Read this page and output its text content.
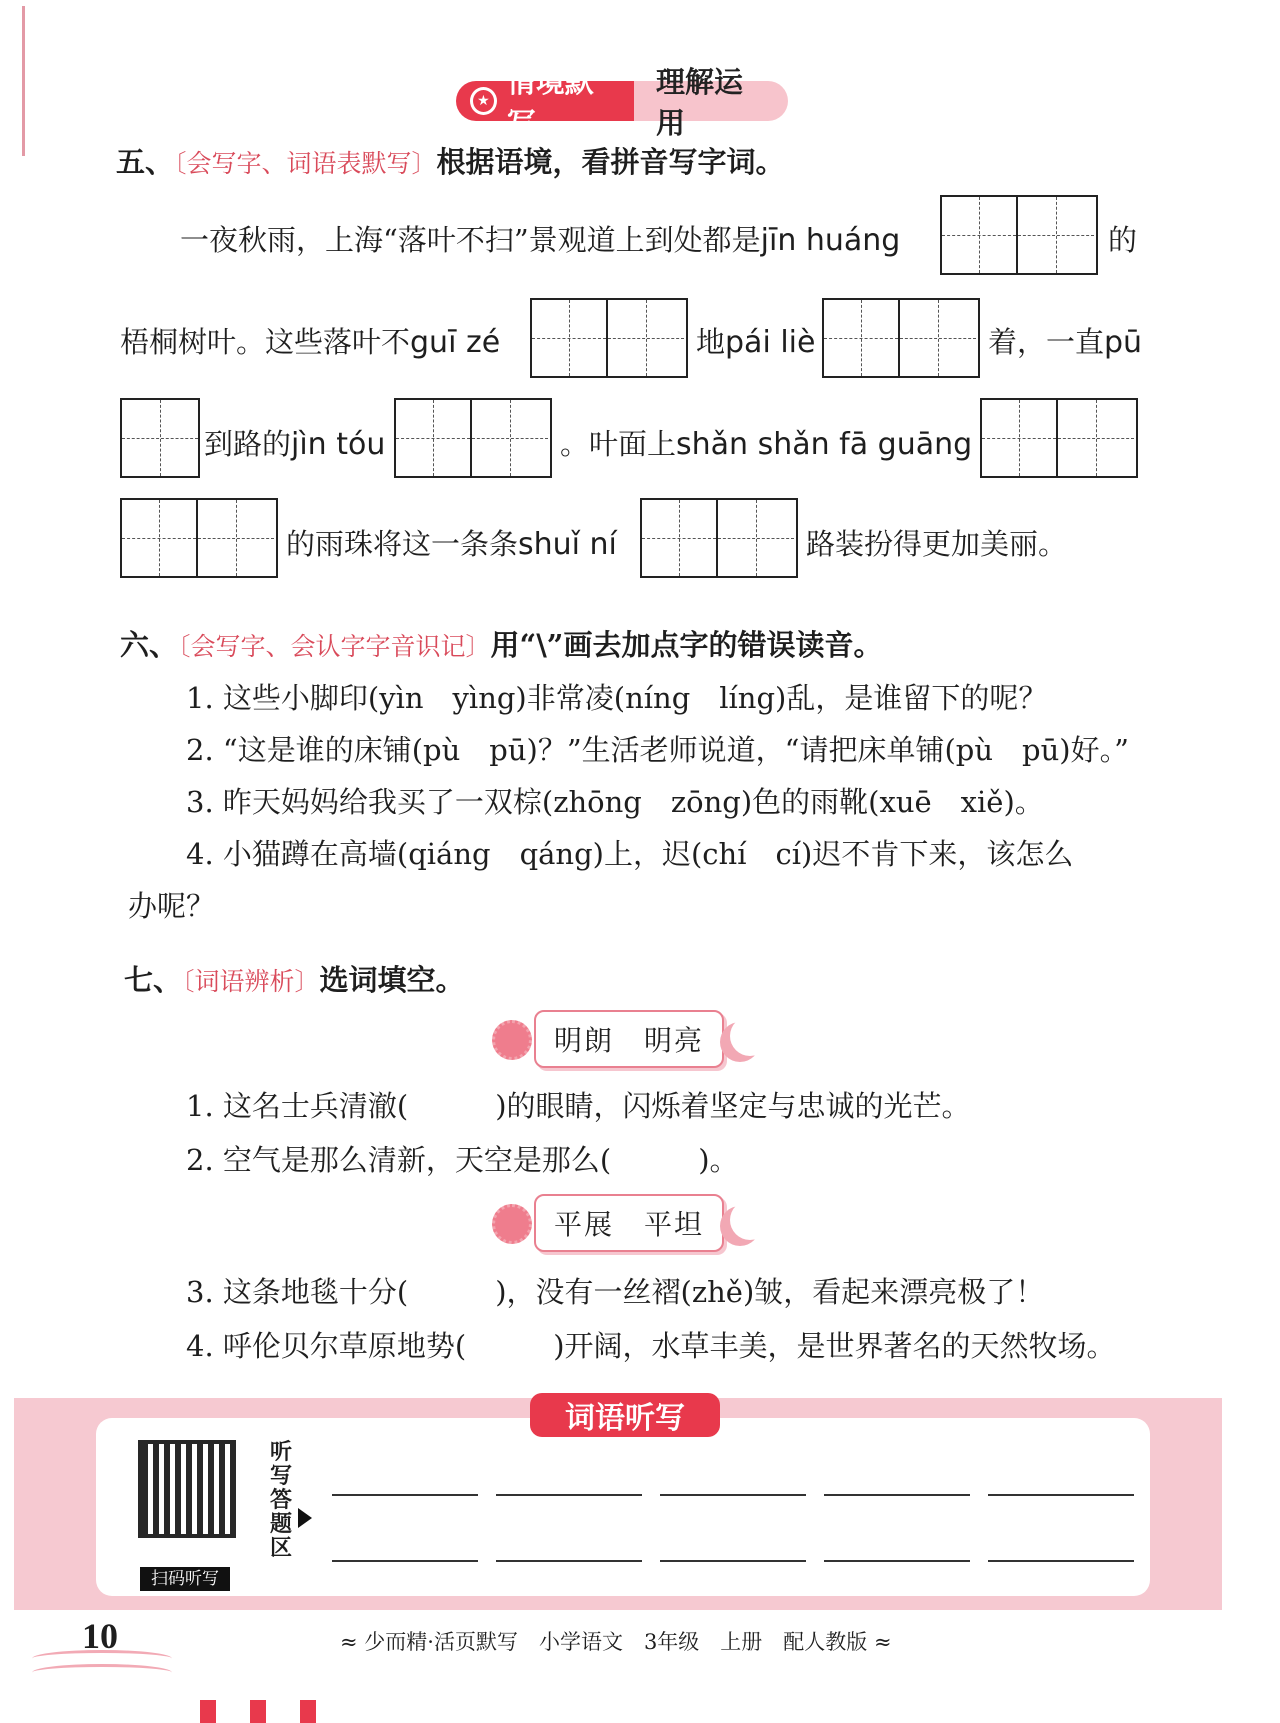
★
情境默写
理解运用
五、〔会写字、词语表默写〕根据语境，看拼音写字词。
一夜秋雨，上海“落叶不扫”景观道上到处都是jīn huáng	的
梧桐树叶。这些落叶不guī zé	地pái liè	着，一直pū
到路的jìn tóu	。叶面上shǎn shǎn fā guāng
的雨珠将这一条条shuǐ ní	路装扮得更加美丽。
六、〔会写字、会认字字音识记〕用“\”画去加点字的错误读音。
1. 这些小脚印(yìn　yìng)非常凌(níng　líng)乱，是谁留下的呢？
2. “这是谁的床铺(pù　pū)？”生活老师说道，“请把床单铺(pù　pū)好。”
3. 昨天妈妈给我买了一双棕(zhōng　zōng)色的雨靴(xuē　xiě)。
4. 小猫蹲在高墙(qiáng　qáng)上，迟(chí　cí)迟不肯下来，该怎么
办呢？
七、〔词语辨析〕选词填空。
明朗　明亮
1. 这名士兵清澈(　　　)的眼睛，闪烁着坚定与忠诚的光芒。
2. 空气是那么清新，天空是那么(　　　)。
平展　平坦
3. 这条地毯十分(　　　)，没有一丝褶(zhě)皱，看起来漂亮极了！
4. 呼伦贝尔草原地势(　　　)开阔，水草丰美，是世界著名的天然牧场。
词语听写
扫码听写
听写答题区
10	≈ 少而精·活页默写　小学语文　3年级　上册　配人教版 ≈
